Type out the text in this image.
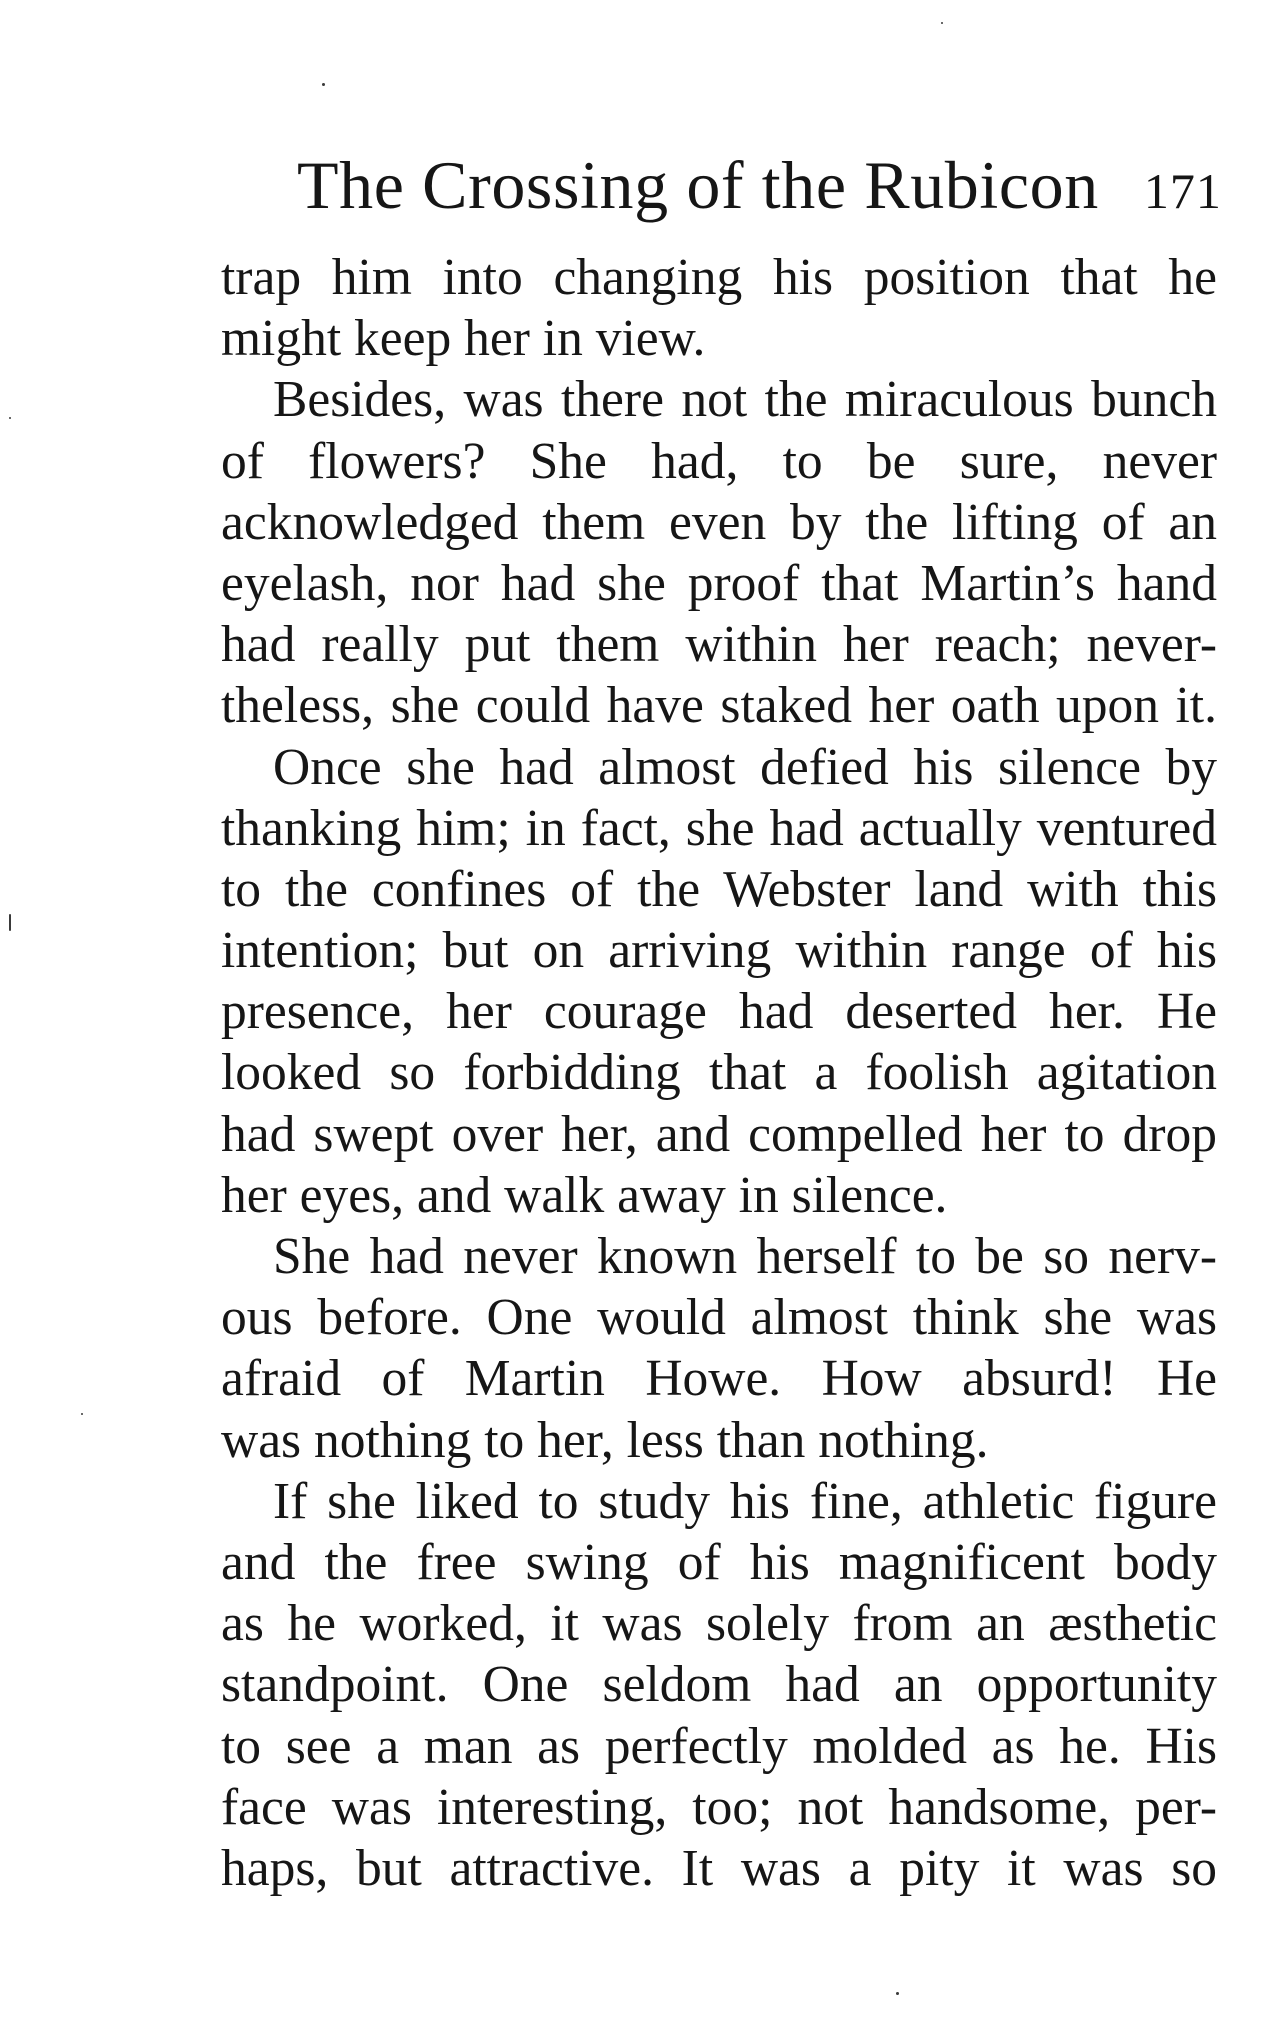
The Crossing of the Rubicon 171
trap him into changing his position that he
might keep her in view.
Besides, was there not the miraculous bunch
of flowers? She had, to be sure, never
acknowledged them even by the lifting of an
eyelash, nor had she proof that Martin’s hand
had really put them within her reach; never-
theless, she could have staked her oath upon it.
Once she had almost defied his silence by
thanking him; in fact, she had actually ventured
to the confines of the Webster land with this
intention; but on arriving within range of his
presence, her courage had deserted her. He
looked so forbidding that a foolish agitation
had swept over her, and compelled her to drop
her eyes, and walk away in silence.
She had never known herself to be so nerv-
ous before. One would almost think she was
afraid of Martin Howe. How absurd! He
was nothing to her, less than nothing.
If she liked to study his fine, athletic figure
and the free swing of his magnificent body
as he worked, it was solely from an æsthetic
standpoint. One seldom had an opportunity
to see a man as perfectly molded as he. His
face was interesting, too; not handsome, per-
haps, but attractive. It was a pity it was so
